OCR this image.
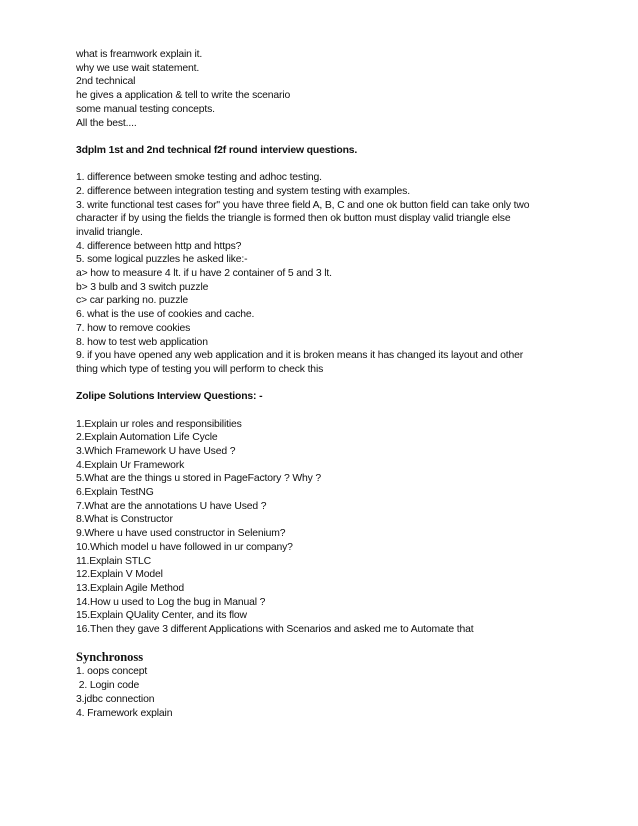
what is freamwork explain it.
why we use wait statement.
2nd technical
he gives a application & tell to write the scenario
some manual testing concepts.
All the best....
3dplm 1st and 2nd technical f2f round interview questions.
1. difference between smoke testing and adhoc testing.
2. difference between integration testing and system testing with examples.
3. write functional test cases for" you have three field A, B, C and one ok button field can take only two
character if by using the fields the triangle is formed then ok button must display valid triangle else
invalid triangle.
4. difference between http and https?
5. some logical puzzles he asked like:-
a> how to measure 4 lt. if u have 2 container of 5 and 3 lt.
b> 3 bulb and 3 switch puzzle
c> car parking no. puzzle
6. what is the use of cookies and cache.
7. how to remove cookies
8. how to test web application
9. if you have opened any web application and it is broken means it has changed its layout and other
thing which type of testing you will perform to check this
Zolipe Solutions Interview Questions: -
1.Explain ur roles and responsibilities
2.Explain Automation Life Cycle
3.Which Framework U have Used ?
4.Explain Ur Framework
5.What are the things u stored in PageFactory ? Why ?
6.Explain TestNG
7.What are the annotations U have Used ?
8.What is Constructor
9.Where u have used constructor in Selenium?
10.Which model u have followed in ur company?
11.Explain STLC
12.Explain V Model
13.Explain Agile Method
14.How u used to Log the bug in Manual ?
15.Explain QUality Center, and its flow
16.Then they gave 3 different Applications with Scenarios and asked me to Automate that
Synchronoss
1. oops concept
2. Login code
3.jdbc connection
4. Framework explain
